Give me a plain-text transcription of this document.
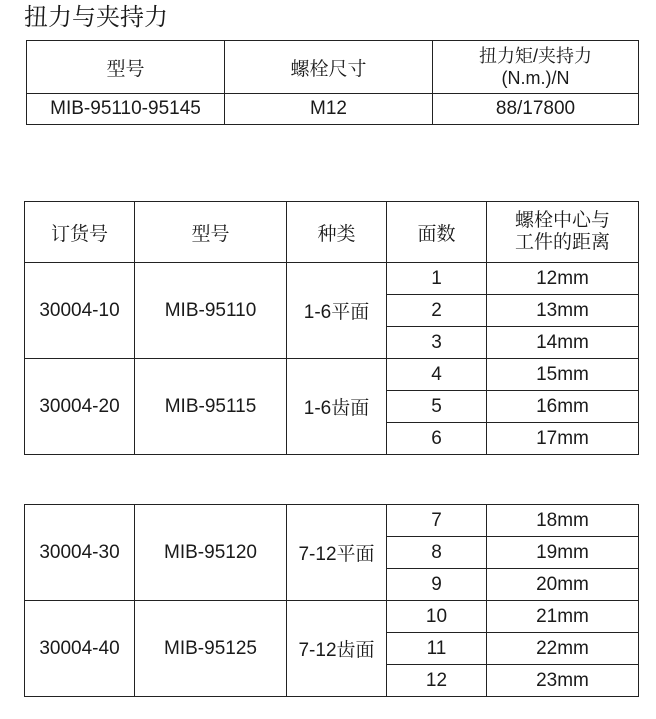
扭力与夹持力
型号	螺栓尺寸	扭力矩/夹持力
(N.m.)/N

MIB-95110-95145	M12	88/17800
订货号	型号	种类	面数	螺栓中心与
工件的距离

30004-10	MIB-95110	1-6平面	1	12mm
			2	13mm
			3	14mm
30004-20	MIB-95115	1-6齿面	4	15mm
			5	16mm
			6	17mm
30004-30	MIB-95120	7-12平面	7	18mm
			8	19mm
			9	20mm
30004-40	MIB-95125	7-12齿面	10	21mm
			11	22mm
			12	23mm
